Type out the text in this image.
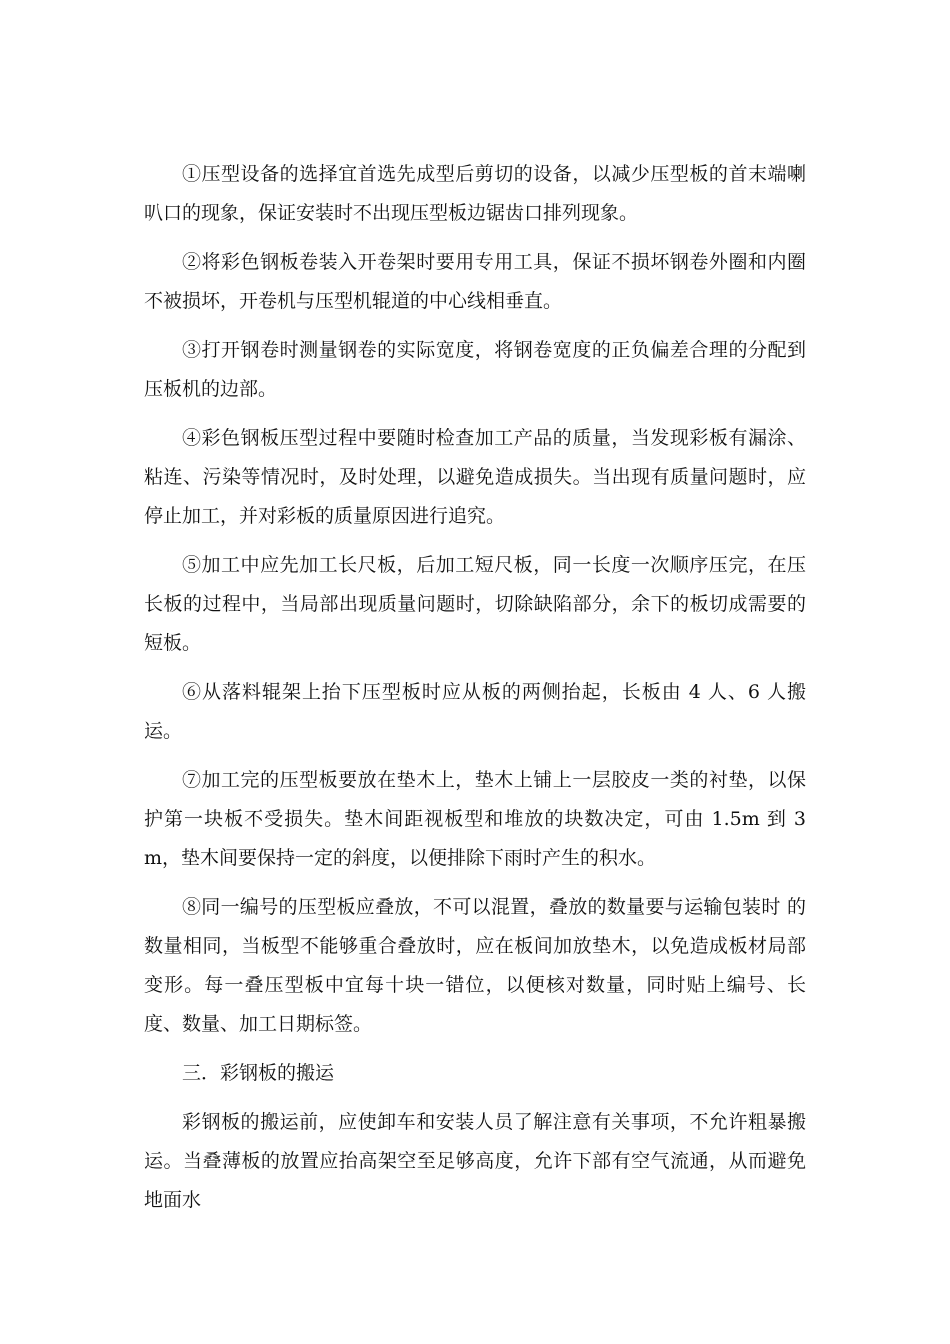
①压型设备的选择宜首选先成型后剪切的设备，以减少压型板的首末端喇叭口的现象，保证安装时不出现压型板边锯齿口排列现象。

②将彩色钢板卷装入开卷架时要用专用工具，保证不损坏钢卷外圈和内圈不被损坏，开卷机与压型机辊道的中心线相垂直。

③打开钢卷时测量钢卷的实际宽度，将钢卷宽度的正负偏差合理的分配到压板机的边部。

④彩色钢板压型过程中要随时检查加工产品的质量，当发现彩板有漏涂、粘连、污染等情况时，及时处理，以避免造成损失。当出现有质量问题时，应停止加工，并对彩板的质量原因进行追究。

⑤加工中应先加工长尺板，后加工短尺板，同一长度一次顺序压完，在压长板的过程中，当局部出现质量问题时，切除缺陷部分，余下的板切成需要的短板。

⑥从落料辊架上抬下压型板时应从板的两侧抬起，长板由 4 人、6 人搬运。

⑦加工完的压型板要放在垫木上，垫木上铺上一层胶皮一类的衬垫，以保护第一块板不受损失。垫木间距视板型和堆放的块数决定，可由 1.5m 到 3m，垫木间要保持一定的斜度，以便排除下雨时产生的积水。

⑧同一编号的压型板应叠放，不可以混置，叠放的数量要与运输包装时 的数量相同，当板型不能够重合叠放时，应在板间加放垫木，以免造成板材局部变形。每一叠压型板中宜每十块一错位，以便核对数量，同时贴上编号、长度、数量、加工日期标签。

三．彩钢板的搬运

彩钢板的搬运前，应使卸车和安装人员了解注意有关事项，不允许粗暴搬运。当叠薄板的放置应抬高架空至足够高度，允许下部有空气流通，从而避免地面水
